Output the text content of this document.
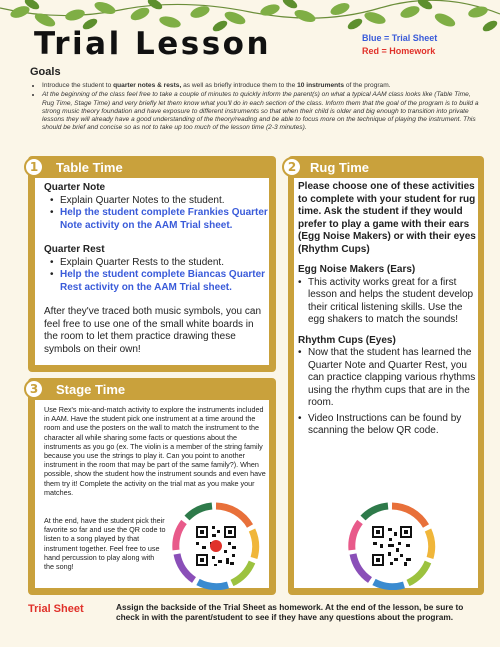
Trial Lesson	Blue = Trial Sheet
Red = Homework
Goals
• Introduce the student to quarter notes & rests, as well as briefly introduce them to the 10 instruments of the program.
• At the beginning of the class feel free to take a couple of minutes to quickly inform the parent(s) on what a typical AAM class looks like (Table Time, Rug Time, Stage Time) and very briefly let them know what you'll do in each section of the class. Inform them that the goal of the program is to build a strong music theory foundation and have exposure to different instruments so that when their child is older and big enough to transition into private lessons they will already have a good understanding of the theory/reading and be able to focus more on the technique of playing the instrument. This should be brief and concise so as not to take up too much of the lesson time (2-3 minutes).
Table Time
1
Quarter Note
• Explain Quarter Notes to the student.
• Help the student complete Frankies Quarter Note activity on the AAM Trial sheet.
Quarter Rest
• Explain Quarter Rests to the student.
• Help the student complete Biancas Quarter Rest activity on the AAM Trial sheet.
After they've traced both music symbols, you can feel free to use one of the small white boards in the room to let them practice drawing these symbols on their own!
Rug Time
2
Please choose one of these activities to complete with your student for rug time. Ask the student if they would prefer to play a game with their ears (Egg Noise Makers) or with their eyes (Rhythm Cups)
Egg Noise Makers (Ears)
• This activity works great for a first lesson and helps the student develop their critical listening skills. Use the egg shakers to match the sounds!
Rhythm Cups (Eyes)
• Now that the student has learned the Quarter Note and Quarter Rest, you can practice clapping various rhythms using the rhythm cups that are in the room.
• Video Instructions can be found by scanning the below QR code.
Stage Time
3
Use Rex's mix-and-match activity to explore the instruments included in AAM. Have the student pick one instrument at a time around the room and use the posters on the wall to match the instrument to the character all while sharing some facts or questions about the instruments as you go (ex. The violin is a member of the string family because you use the strings to play it. Can you point to another instrument in the room that may be part of the same family?). When possible, show the student how the instrument sounds and even have them try it! Complete the activity on the trial mat as you make your matches.
At the end, have the student pick their favorite so far and use the QR code to listen to a song played by that instrument together. Feel free to use hand percussion to play along with the song!
Trial Sheet	Assign the backside of the Trial Sheet as homework. At the end of the lesson, be sure to check in with the parent/student to see if they have any questions about the program.
